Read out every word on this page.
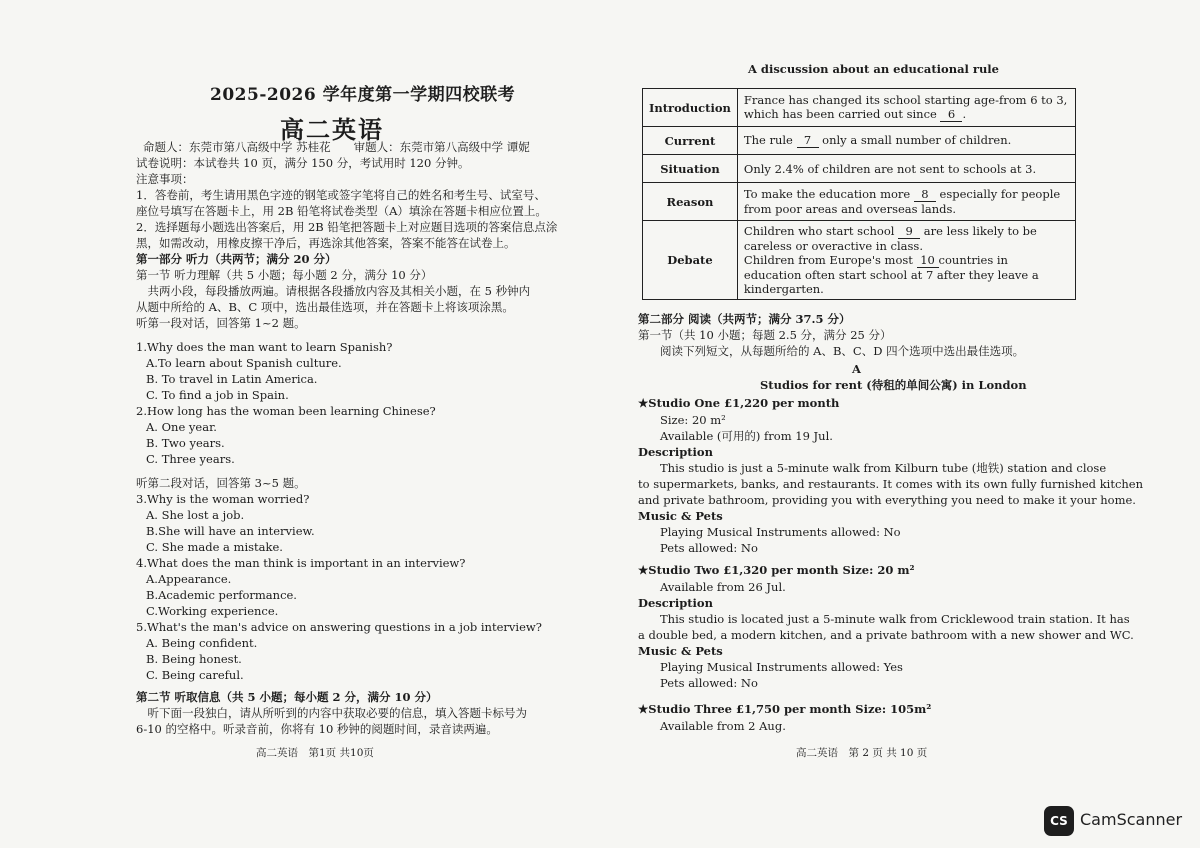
2025-2026 学年度第一学期四校联考
高二英语
命题人：东莞市第八高级中学 苏桂花　　审题人：东莞市第八高级中学 谭妮
试卷说明：本试卷共 10 页，满分 150 分，考试用时 120 分钟。
注意事项：
1．答卷前，考生请用黑色字迹的钢笔或签字笔将自己的姓名和考生号、试室号、
座位号填写在答题卡上，用 2B 铅笔将试卷类型（A）填涂在答题卡相应位置上。
2．选择题每小题选出答案后，用 2B 铅笔把答题卡上对应题目选项的答案信息点涂
黑，如需改动，用橡皮擦干净后，再选涂其他答案，答案不能答在试卷上。
第一部分 听力（共两节；满分 20 分）
第一节 听力理解（共 5 小题；每小题 2 分，满分 10 分）
　共两小段，每段播放两遍。请根据各段播放内容及其相关小题，在 5 秒钟内
从题中所给的 A、B、C 项中，选出最佳选项，并在答题卡上将该项涂黑。
听第一段对话，回答第 1~2 题。
1.Why does the man want to learn Spanish?
A.To learn about Spanish culture.
B. To travel in Latin America.
C. To find a job in Spain.
2.How long has the woman been learning Chinese?
A. One year.
B. Two years.
C. Three years.
听第二段对话，回答第 3~5 题。
3.Why is the woman worried?
A. She lost a job.
B.She will have an interview.
C. She made a mistake.
4.What does the man think is important in an interview?
A.Appearance.
B.Academic performance.
C.Working experience.
5.What's the man's advice on answering questions in a job interview?
A. Being confident.
B. Being honest.
C. Being careful.
第二节 听取信息（共 5 小题；每小题 2 分，满分 10 分）
　听下面一段独白，请从所听到的内容中获取必要的信息，填入答题卡标号为
6-10 的空格中。听录音前，你将有 10 秒钟的阅题时间，录音读两遍。
高二英语　第1页 共10页
A discussion about an educational rule
Introduction	France has changed its school starting age-from 6 to 3, which has been carried out since 6 .
Current	The rule 7 only a small number of children.
Situation	Only 2.4% of children are not sent to schools at 3.
Reason	To make the education more 8 especially for people from poor areas and overseas lands.
Debate	Children who start school 9 are less likely to be careless or overactive in class.
Children from Europe's most 10 countries in education often start school at 7 after they leave a kindergarten.
第二部分 阅读（共两节；满分 37.5 分）
第一节（共 10 小题；每题 2.5 分，满分 25 分）
阅读下列短文，从每题所给的 A、B、C、D 四个选项中选出最佳选项。
A
Studios for rent (待租的单间公寓) in London
★Studio One £1,220 per month
Size: 20 m²
Available (可用的) from 19 Jul.
Description
This studio is just a 5-minute walk from Kilburn tube (地铁) station and close
to supermarkets, banks, and restaurants. It comes with its own fully furnished kitchen
and private bathroom, providing you with everything you need to make it your home.
Music & Pets
Playing Musical Instruments allowed: No
Pets allowed: No
★Studio Two £1,320 per month Size: 20 m²
Available from 26 Jul.
Description
This studio is located just a 5-minute walk from Cricklewood train station. It has
a double bed, a modern kitchen, and a private bathroom with a new shower and WC.
Music & Pets
Playing Musical Instruments allowed: Yes
Pets allowed: No
★Studio Three £1,750 per month Size: 105m²
Available from 2 Aug.
高二英语　第 2 页 共 10 页
CS CamScanner
